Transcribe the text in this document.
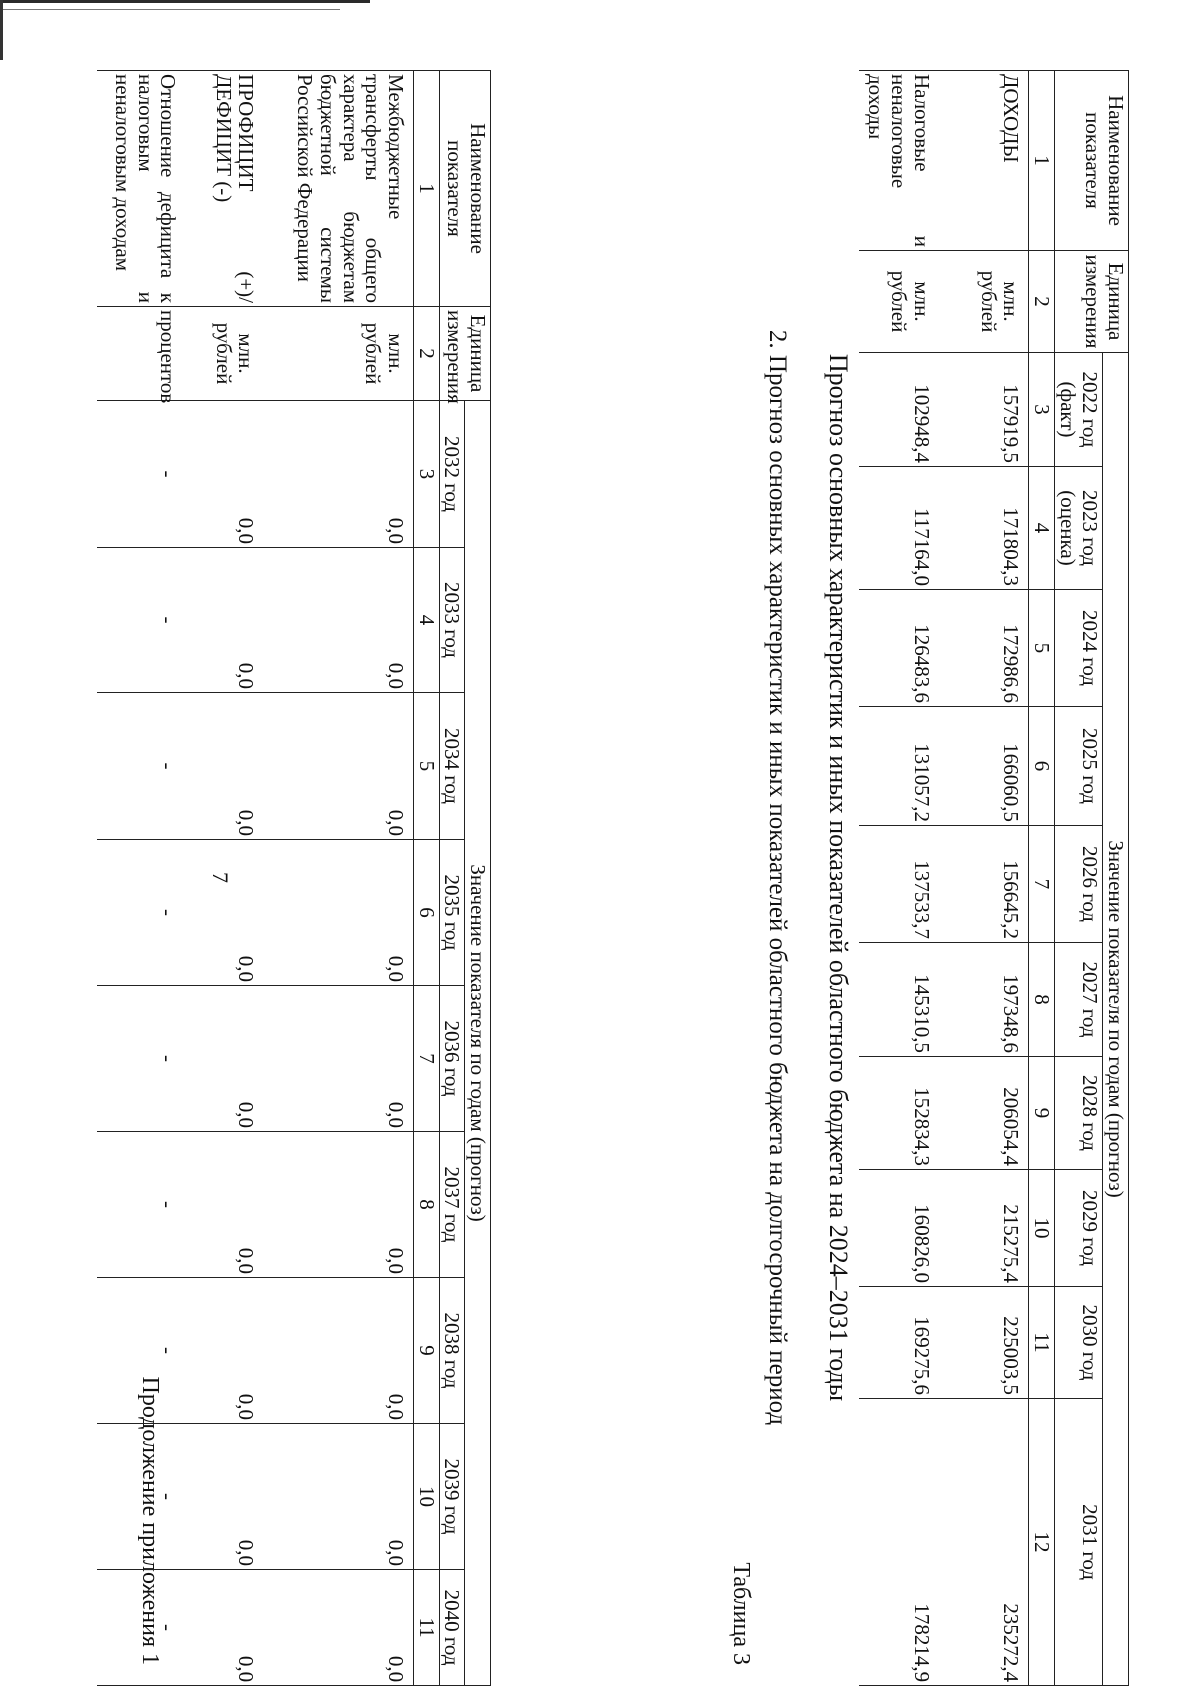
7
Продолжение приложения 1
Наименование показателя	Единица измерения	Значение показателя по годам (прогноз)								
		2032 год	2033 год	2034 год	2035 год	2036 год	2037 год	2038 год	2039 год	2040 год
1	2	3	4	5	6	7	8	9	10	11
Межбюджетные трансферты общего характера бюджетам бюджетной системы Российской Федерации	млн. рублей	0,0	0,0	0,0	0,0	0,0	0,0	0,0	0,0	0,0
ПРОФИЦИТ (+)/ ДЕФИЦИТ (-)	млн. рублей	0,0	0,0	0,0	0,0	0,0	0,0	0,0	0,0	0,0
Отношение дефицита к налоговым и неналоговым доходам	процентов	-	-	-	-	-	-	-	-	-
2. Прогноз основных характеристик и иных показателей областного бюджета на долгосрочный период
Таблица 3
Прогноз основных характеристик и иных показателей областного бюджета на 2024–2031 годы
Наименование показателя	Единица измерения	Значение показателя по годам (прогноз)									
		2022 год (факт)	2023 год (оценка)	2024 год	2025 год	2026 год	2027 год	2028 год	2029 год	2030 год	2031 год
1	2	3	4	5	6	7	8	9	10	11	12
ДОХОДЫ	млн. рублей	157919,5	171804,3	172986,6	166060,5	156645,2	197348,6	206054,4	215275,4	225003,5	235272,4
Налоговые и неналоговые доходы	млн. рублей	102948,4	117164,0	126483,6	131057,2	137533,7	145310,5	152834,3	160826,0	169275,6	178214,9
